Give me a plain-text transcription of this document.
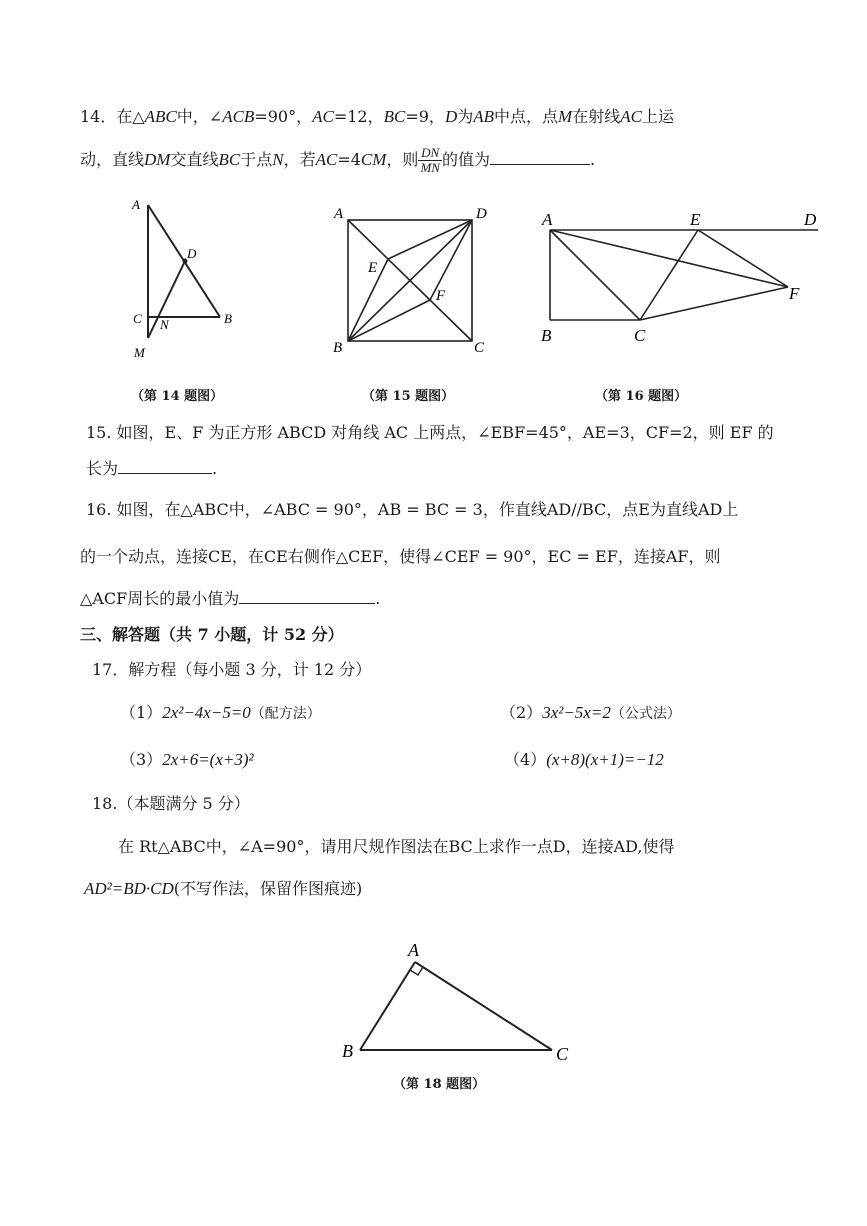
14．在△ABC中，∠ACB=90°，AC=12，BC=9，D为AB中点，点M在射线AC上运
动，直线DM交直线BC于点N，若AC=4CM，则 $\frac{DN}{MN}$ 的值为	.
A
D
C N	B
M
（第 14 题图）
A	D
E
F
B	C
（第 15 题图）
A	E	D
F
B	C
（第 16 题图）
15. 如图，E、F 为正方形 ABCD 对角线 AC 上两点，∠EBF=45°，AE=3，CF=2，则 EF 的
长为	.
16. 如图，在△ABC中，∠ABC = 90°，AB = BC = 3，作直线AD//BC，点E为直线AD上
的一个动点，连接CE，在CE右侧作△CEF，使得∠CEF = 90°，EC = EF，连接AF，则
△ACF周长的最小值为	.
三、解答题（共 7 小题，计 52 分）
17．解方程（每小题 3 分，计 12 分）
（1）2x²−4x−5=0（配方法）	（2）3x²−5x=2（公式法）
（3）2x+6=(x+3)²	（4）(x+8)(x+1)=−12
18.（本题满分 5 分）
在 Rt△ABC中，∠A=90°，请用尺规作图法在BC上求作一点D，连接AD,使得
AD²=BD·CD(不写作法，保留作图痕迹)
A
B	C
（第 18 题图）
